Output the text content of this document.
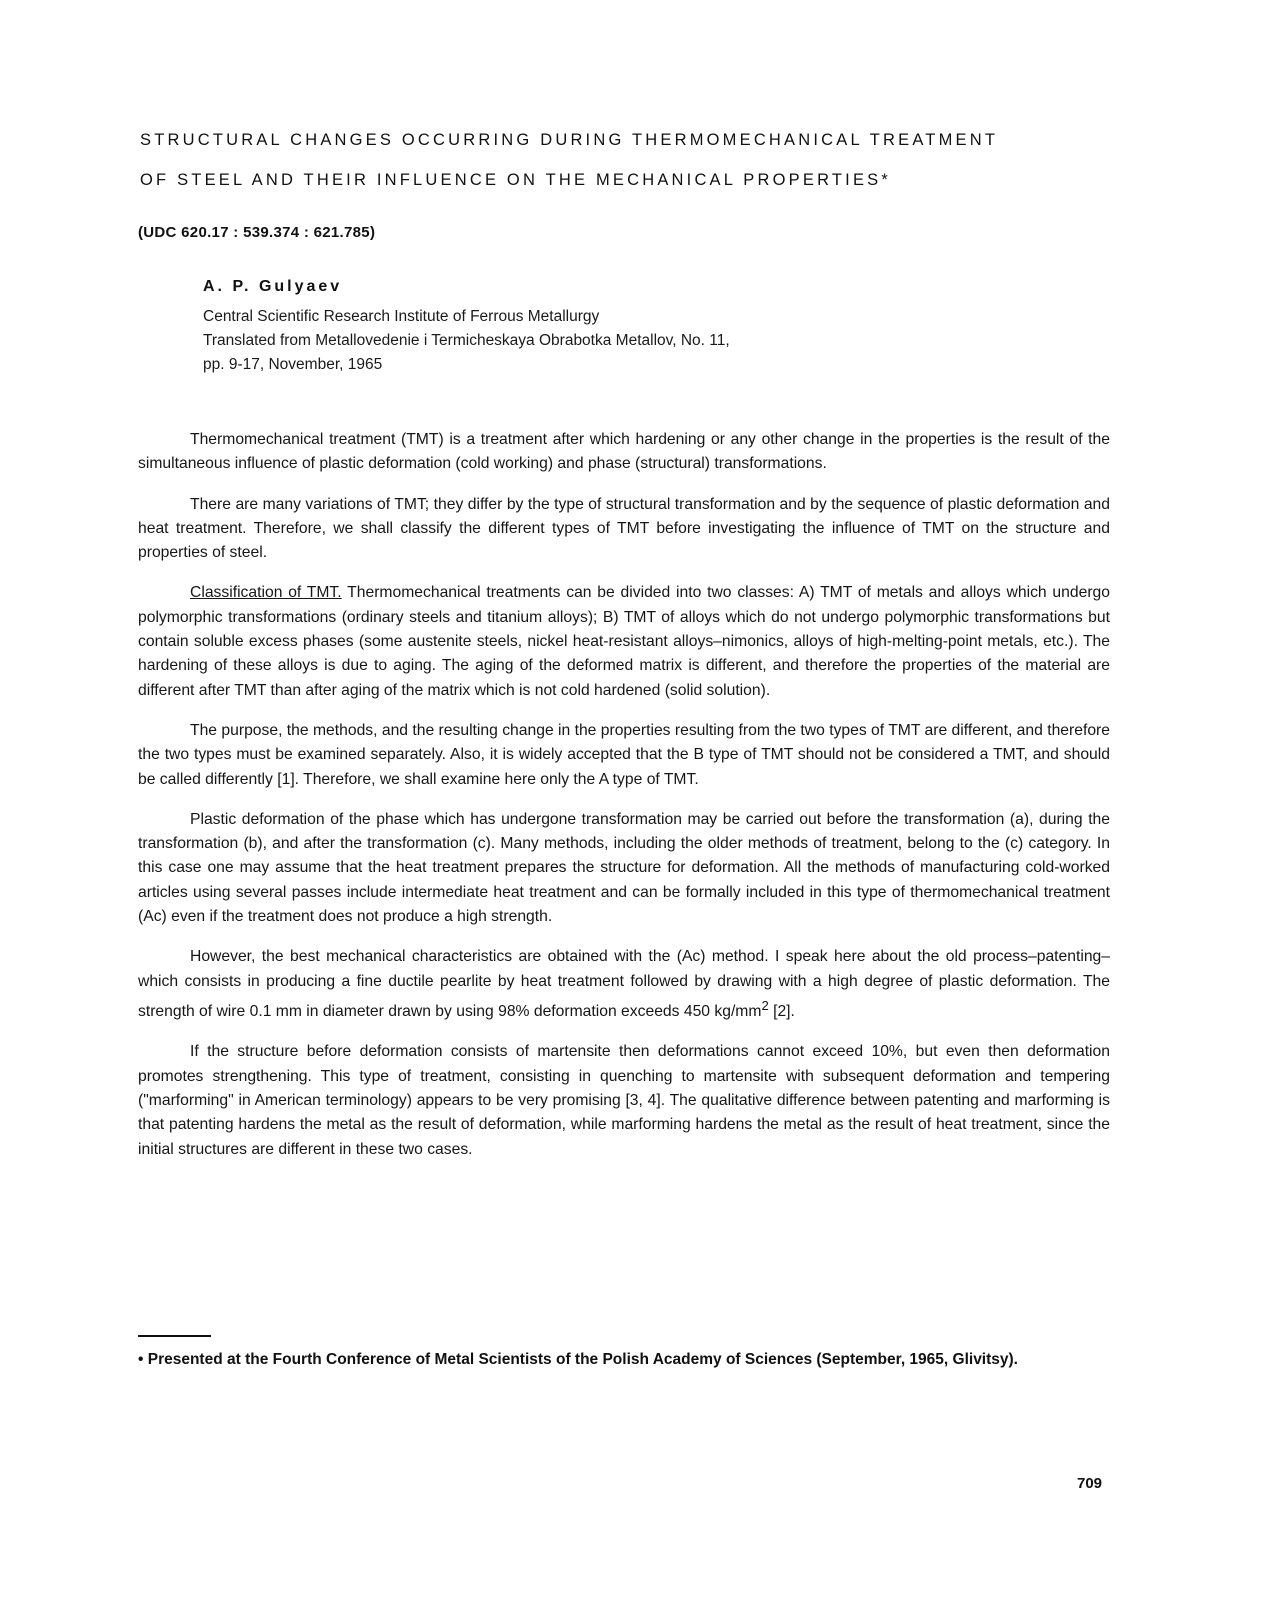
STRUCTURAL CHANGES OCCURRING DURING THERMOMECHANICAL TREATMENT
OF STEEL AND THEIR INFLUENCE ON THE MECHANICAL PROPERTIES*
(UDC 620.17 : 539.374 : 621.785)
A. P. Gulyaev
Central Scientific Research Institute of Ferrous Metallurgy
Translated from Metallovedenie i Termicheskaya Obrabotka Metallov, No. 11,
pp. 9-17, November, 1965

Thermomechanical treatment (TMT) is a treatment after which hardening or any other change in the properties is the result of the simultaneous influence of plastic deformation (cold working) and phase (structural) transformations.

There are many variations of TMT; they differ by the type of structural transformation and by the sequence of plastic deformation and heat treatment. Therefore, we shall classify the different types of TMT before investigating the influence of TMT on the structure and properties of steel.

Classification of TMT. Thermomechanical treatments can be divided into two classes: A) TMT of metals and alloys which undergo polymorphic transformations (ordinary steels and titanium alloys); B) TMT of alloys which do not undergo polymorphic transformations but contain soluble excess phases (some austenite steels, nickel heat-resistant alloys–nimonics, alloys of high-melting-point metals, etc.). The hardening of these alloys is due to aging. The aging of the deformed matrix is different, and therefore the properties of the material are different after TMT than after aging of the matrix which is not cold hardened (solid solution).

The purpose, the methods, and the resulting change in the properties resulting from the two types of TMT are different, and therefore the two types must be examined separately. Also, it is widely accepted that the B type of TMT should not be considered a TMT, and should be called differently [1]. Therefore, we shall examine here only the A type of TMT.

Plastic deformation of the phase which has undergone transformation may be carried out before the transformation (a), during the transformation (b), and after the transformation (c). Many methods, including the older methods of treatment, belong to the (c) category. In this case one may assume that the heat treatment prepares the structure for deformation. All the methods of manufacturing cold-worked articles using several passes include intermediate heat treatment and can be formally included in this type of thermomechanical treatment (Ac) even if the treatment does not produce a high strength.

However, the best mechanical characteristics are obtained with the (Ac) method. I speak here about the old process–patenting–which consists in producing a fine ductile pearlite by heat treatment followed by drawing with a high degree of plastic deformation. The strength of wire 0.1 mm in diameter drawn by using 98% deformation exceeds 450 $kg/mm^2$ [2].

If the structure before deformation consists of martensite then deformations cannot exceed 10%, but even then deformation promotes strengthening. This type of treatment, consisting in quenching to martensite with subsequent deformation and tempering ("marforming" in American terminology) appears to be very promising [3, 4]. The qualitative difference between patenting and marforming is that patenting hardens the metal as the result of deformation, while marforming hardens the metal as the result of heat treatment, since the initial structures are different in these two cases.

• Presented at the Fourth Conference of Metal Scientists of the Polish Academy of Sciences (September, 1965, Glivitsy).
709
